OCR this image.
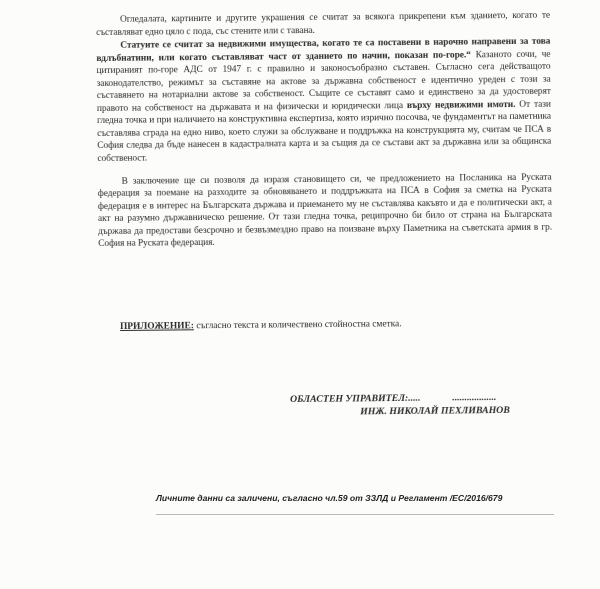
Огледалата, картините и другите украшения се считат за всякога прикрепени към зданието, когато те съставляват едно цяло с пода, със стените или с тавана.

Статуите се считат за недвижими имущества, когато те са поставени в нарочно направени за това вдлъбнатини, или когато съставляват част от зданието по начин, показан по-горе.“ Казаното сочи, че цитираният по-горе АДС от 1947 г. с правилно и законосъобразно съставен. Съгласно сега действащото законодателство, режимът за съставяне на актове за държавна собственост е идентично уреден с този за съставянето на нотариални актове за собственост. Същите се съставят само и единствено за да удостоверят правото на собственост на държавата и на физически и юридически лица върху недвижими имоти. От тази гледна точка и при наличието на конструктивна експертиза, която изрично посочва, че фундаментът на паметника съставлява сграда на едно ниво, което служи за обслужване и поддръжка на конструкцията му, считам че ПСА в София следва да бъде нанесен в кадастралната карта и за същия да се състави акт за държавна или за общинска собственост.

В заключение ще си позволя да изразя становището си, че предложението на Посланика на Руската федерация за поемане на разходите за обновяването и поддръжката на ПСА в София за сметка на Руската федерация е в интерес на Българската държава и приемането му не съставлява какъвто и да е политически акт, а акт на разумно държавническо решение. От тази гледна точка, реципрочно би било от страна на Българската държава да предостави безсрочно и безвъзмездно право на поизване върху Паметника на съветската армия в гр. София на Руската федерация.

ПРИЛОЖЕНИЕ: съгласно текста и количествено стойностна сметка.
ОБЛАСТЕН УПРАВИТЕЛ:.....             ..................
ИНЖ. НИКОЛАЙ ПЕХЛИВАНОВ
Личните данни са заличени, съгласно чл.59 от ЗЗЛД и Регламент /ЕС/2016/679
